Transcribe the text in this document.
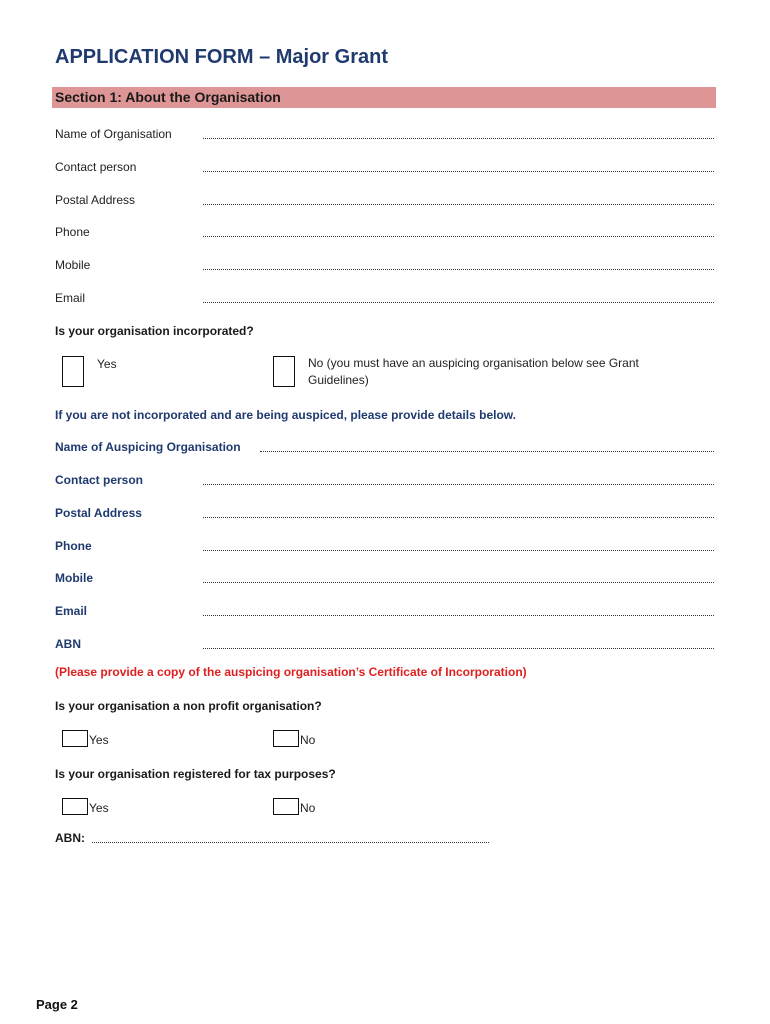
APPLICATION FORM – Major Grant
Section 1: About the Organisation
Name of Organisation
Contact person
Postal Address
Phone
Mobile
Email
Is your organisation incorporated?
Yes	No (you must have an auspicing organisation below see Grant Guidelines)
If you are not incorporated and are being auspiced, please provide details below.
Name of Auspicing Organisation
Contact person
Postal Address
Phone
Mobile
Email
ABN
(Please provide a copy of the auspicing organisation’s Certificate of Incorporation)
Is your organisation a non profit organisation?
Yes	No
Is your organisation registered for tax purposes?
Yes	No
ABN:
Page 2
